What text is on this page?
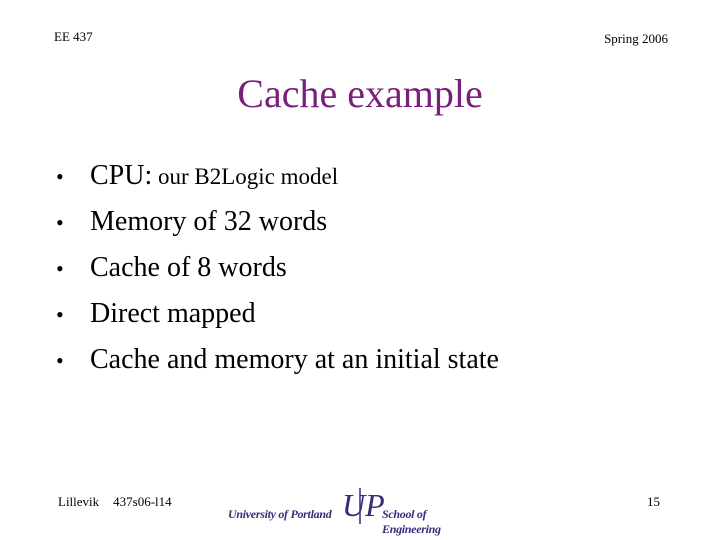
EE 437	Spring 2006
Cache example
• CPU: our B2Logic model
• Memory of 32 words
• Cache of 8 words
• Direct mapped
• Cache and memory at an initial state
Lillevik 437s06-l14
University of Portland UP
School of Engineering
15
